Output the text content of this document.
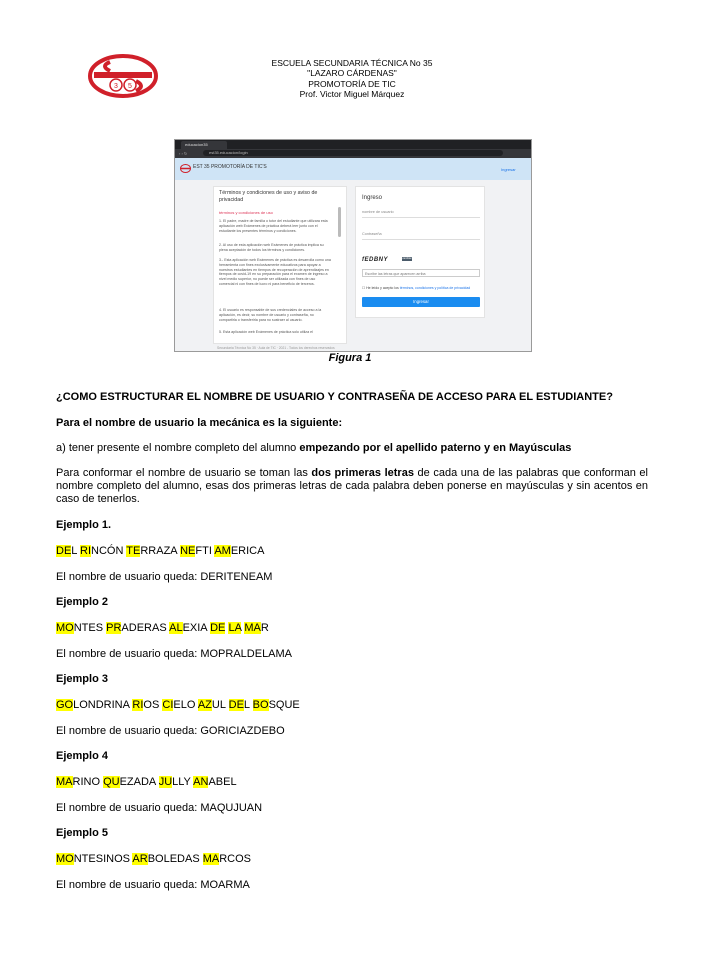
3 5
ESCUELA SECUNDARIA TÉCNICA No 35
"LAZARO CÁRDENAS"
PROMOTORÍA DE TIC
Prof. Victor Miguel Márquez
educacion35
‹ › ↻	est35.educacion/login
EST 35 PROMOTORÍA DE TIC'S	Ingresar
Términos y condiciones de uso y aviso de privacidad
términos y condiciones de uso
1. El padre, madre de familia o tutor del estudiante que utilizara esta aplicación web Exámenes de práctica deberá leer junto con el estudiante los presentes términos y condiciones.
2. Al uso de esta aplicación web Exámenes de práctica implica su plena aceptación de todos los términos y condiciones.
3.- Esta aplicación web Exámenes de práctica es desarrolla como una herramienta con fines exclusivamente educativos para apoyar a nuestros estudiantes en tiempos de recuperación de aprendizajes en tiempos de covid-19 en su preparación para el examen de ingreso a nivel medio superior, no puede ser utilizada con fines de uso comercial ni con fines de lucro ni para beneficio de terceros.
4. El usuario es responsable de sus credenciales de acceso a la aplicación, es decir, su nombre de usuario y contraseña, no compartirla o transferirla para no sustraer al usuario.
5. Esta aplicación web Exámenes de práctica solo utiliza el
Ingreso
nombre de usuario
Contraseña
fEDBNY	cambiar otro
Escribe las letras que aparecen arriba
☐ He leído y acepto los términos, condiciones y política de privacidad
Ingresar
Secundaria Técnica No 35 · Aula de TIC · 2021 - Todos los derechos reservados
Figura 1
¿COMO ESTRUCTURAR EL NOMBRE DE USUARIO Y CONTRASEÑA DE ACCESO PARA EL ESTUDIANTE?
Para el nombre de usuario la mecánica es la siguiente:
a) tener presente el nombre completo del alumno empezando por el apellido paterno y en Mayúsculas
Para conformar el nombre de usuario se toman las dos primeras letras de cada una de las palabras que conforman el nombre completo del alumno, esas dos primeras letras de cada palabra deben ponerse en mayúsculas y sin acentos en caso de tenerlos.
Ejemplo 1.
DEL RINCÓN TERRAZA NEFTI AMERICA
El nombre de usuario queda: DERITENEAM
Ejemplo 2
MONTES PRADERAS ALEXIA DE LA MAR
El nombre de usuario queda: MOPRALDELAMA
Ejemplo 3
GOLONDRINA RIOS CIELO AZUL DEL BOSQUE
El nombre de usuario queda: GORICIAZDEBO
Ejemplo 4
MARINO QUEZADA JULLY ANABEL
El nombre de usuario queda: MAQUJUAN
Ejemplo 5
MONTESINOS ARBOLEDAS MARCOS
El nombre de usuario queda: MOARMA
